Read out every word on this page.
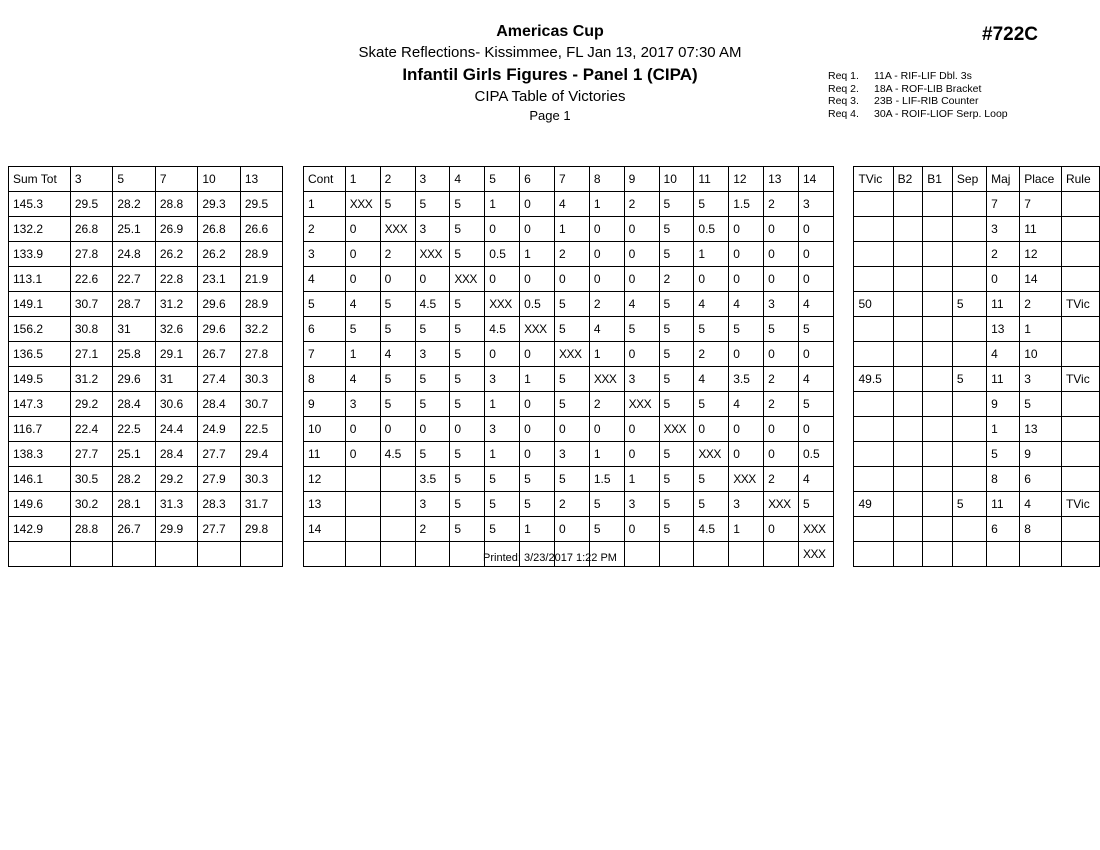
Americas Cup
Skate Reflections- Kissimmee, FL Jan 13, 2017 07:30 AM
Infantil Girls Figures - Panel 1 (CIPA)
CIPA Table of Victories
Page 1
#722C
Req 1. 11A - RIF-LIF Dbl. 3s
Req 2. 18A - ROF-LIB Bracket
Req 3. 23B - LIF-RIB Counter
Req 4. 30A - ROIF-LIOF Serp. Loop
Sum Tot	3	5	7	10	13		Cont	1	2	3	4	5	6	7	8	9	10	11	12	13	14		TVic	B2	B1	Sep	Maj	Place	Rule
145.3	29.5	28.2	28.8	29.3	29.5		1	XXX	5	5	5	1	0	4	1	2	5	5	1.5	2	3						7	7	
132.2	26.8	25.1	26.9	26.8	26.6		2	0	XXX	3	5	0	0	1	0	0	5	0.5	0	0	0						3	11	
133.9	27.8	24.8	26.2	26.2	28.9		3	0	2	XXX	5	0.5	1	2	0	0	5	1	0	0	0						2	12	
113.1	22.6	22.7	22.8	23.1	21.9		4	0	0	0	XXX	0	0	0	0	0	2	0	0	0	0						0	14	
149.1	30.7	28.7	31.2	29.6	28.9		5	4	5	4.5	5	XXX	0.5	5	2	4	5	4	4	3	4		50			5	11	2	TVic
156.2	30.8	31	32.6	29.6	32.2		6	5	5	5	5	4.5	XXX	5	4	5	5	5	5	5	5						13	1	
136.5	27.1	25.8	29.1	26.7	27.8		7	1	4	3	5	0	0	XXX	1	0	5	2	0	0	0						4	10	
149.5	31.2	29.6	31	27.4	30.3		8	4	5	5	5	3	1	5	XXX	3	5	4	3.5	2	4		49.5			5	11	3	TVic
147.3	29.2	28.4	30.6	28.4	30.7		9	3	5	5	5	1	0	5	2	XXX	5	5	4	2	5						9	5	
116.7	22.4	22.5	24.4	24.9	22.5		10	0	0	0	0	3	0	0	0	0	XXX	0	0	0	0						1	13	
138.3	27.7	25.1	28.4	27.7	29.4		11	0	4.5	5	5	1	0	3	1	0	5	XXX	0	0	0.5						5	9	
146.1	30.5	28.2	29.2	27.9	30.3		12			3.5	5	5	5	5	1.5	1	5	5	XXX	2	4						8	6	
149.6	30.2	28.1	31.3	28.3	31.7		13			3	5	5	5	2	5	3	5	5	3	XXX	5		49			5	11	4	TVic
142.9	28.8	26.7	29.9	27.7	29.8		14			2	5	5	1	0	5	0	5	4.5	1	0	XXX						6	8	
																					XXX								
Printed: 3/23/2017 1:22 PM
